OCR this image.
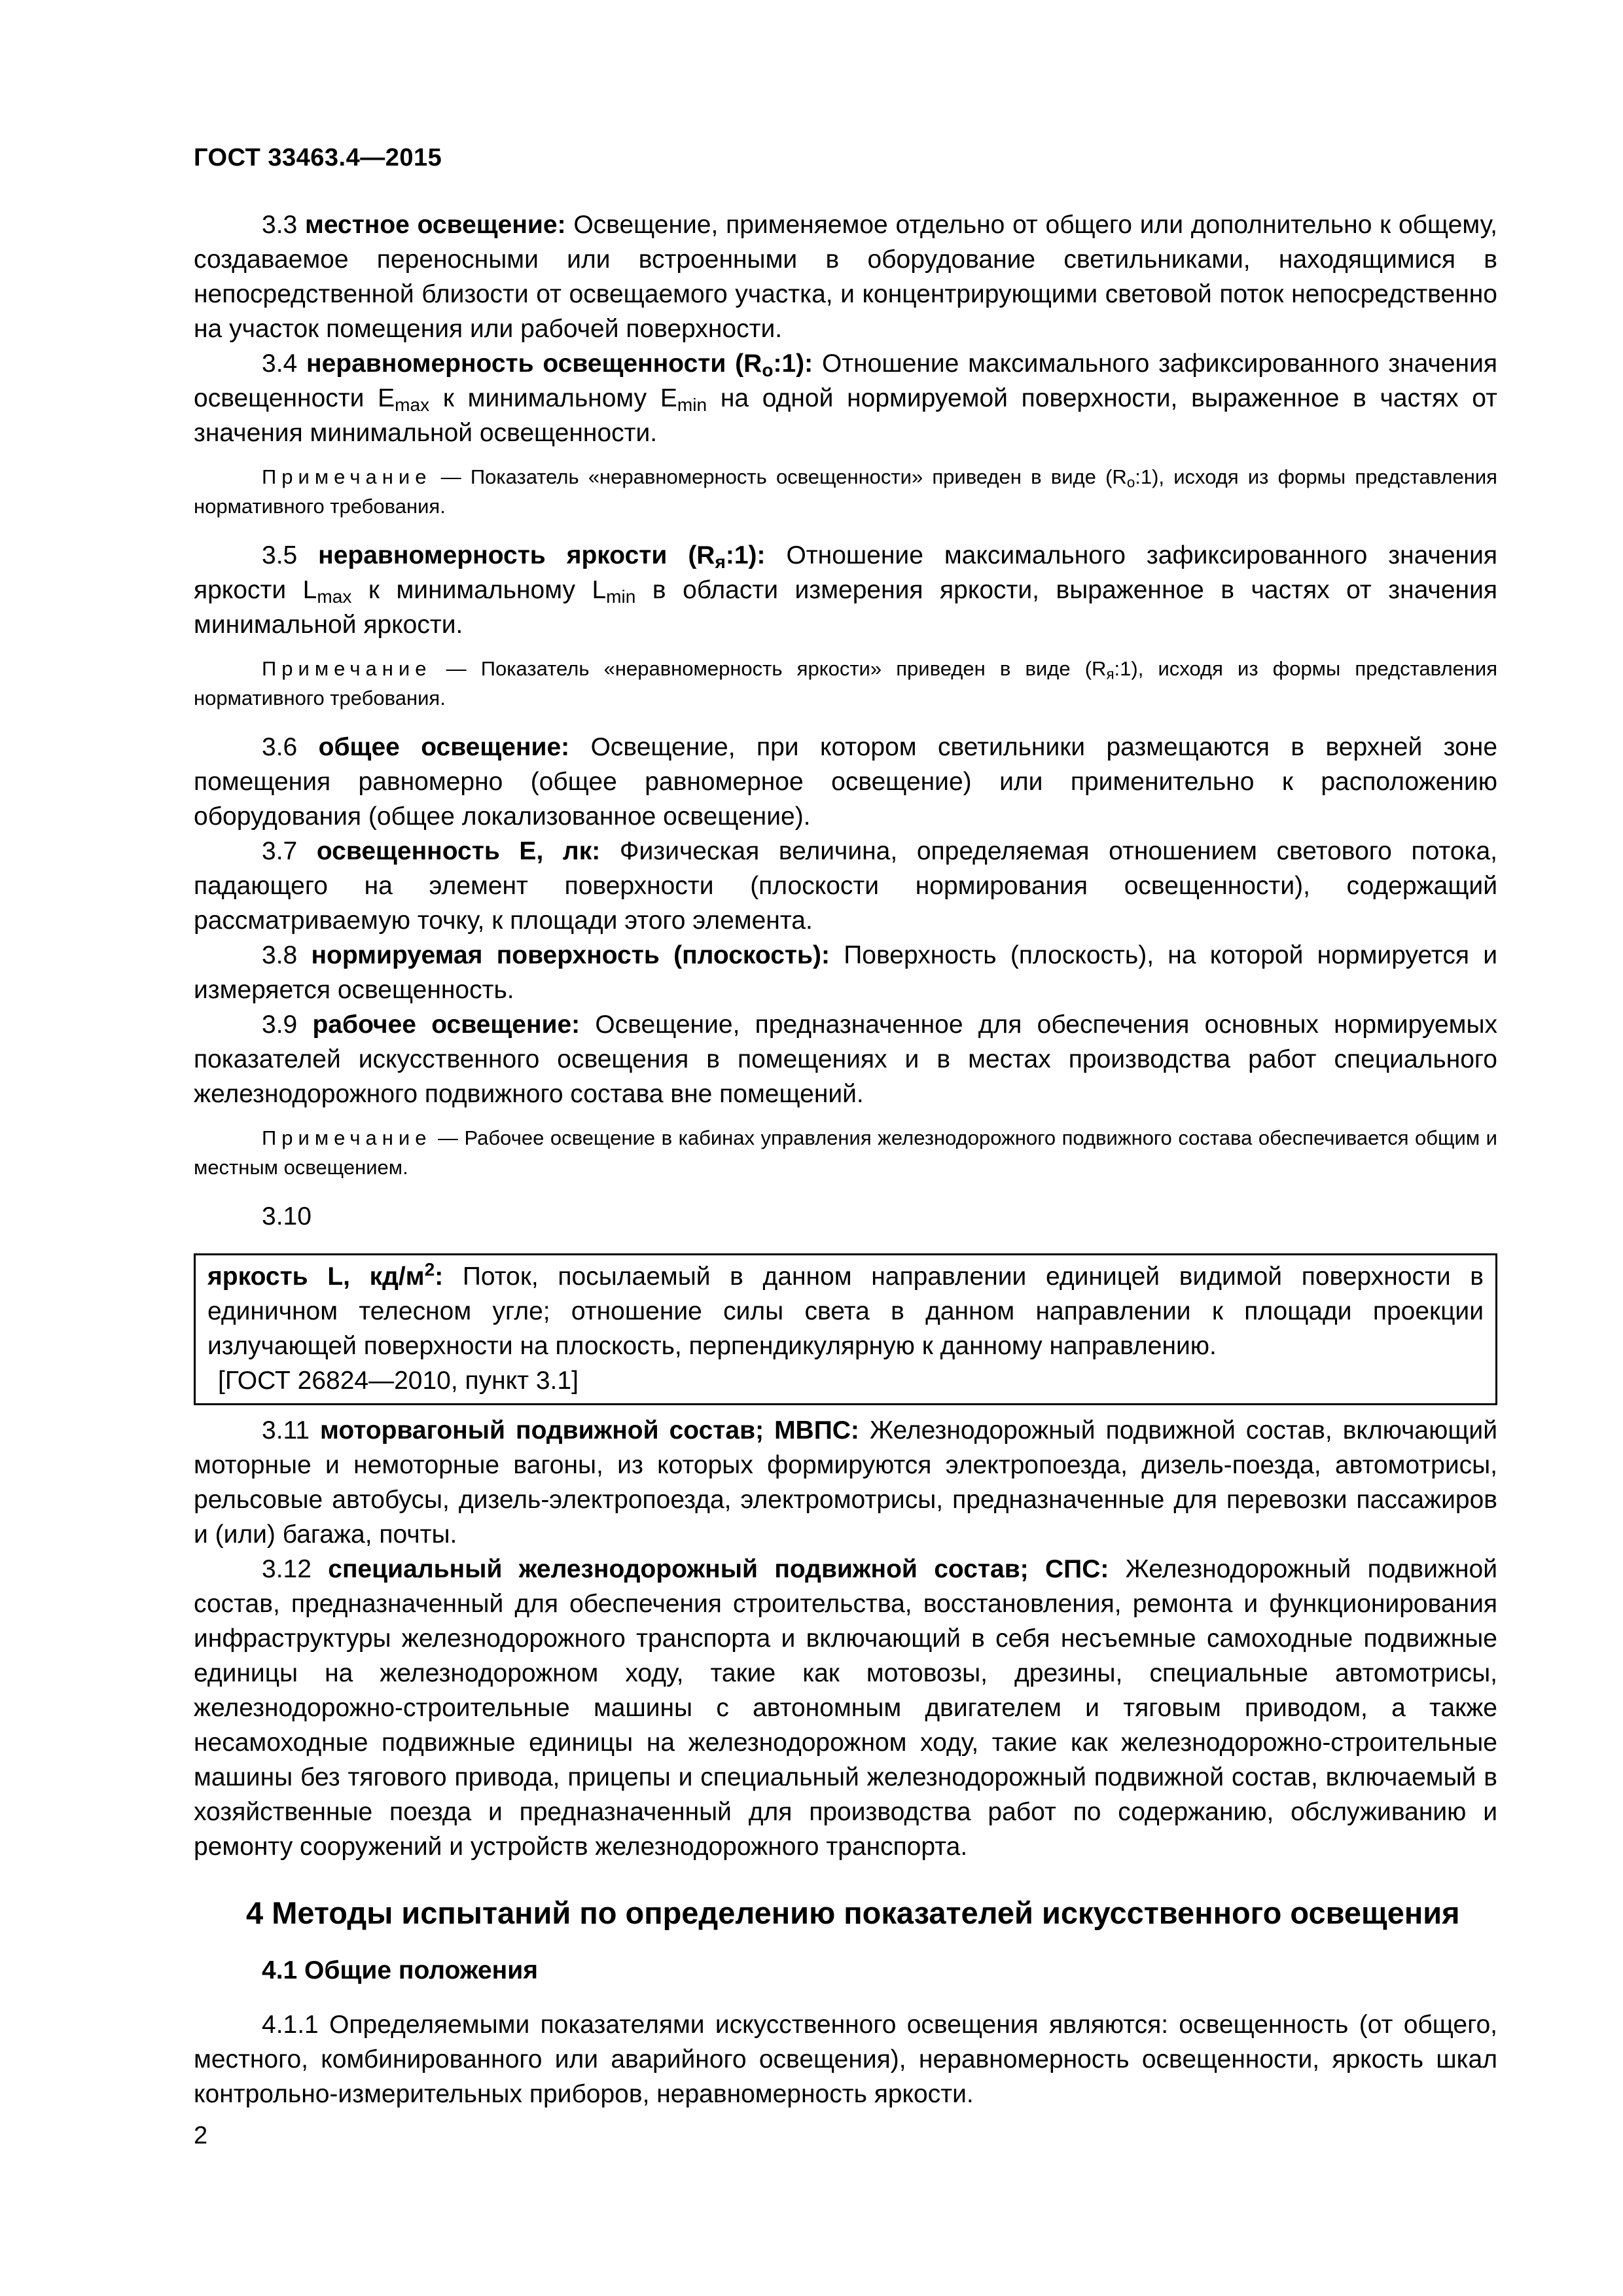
ГОСТ 33463.4—2015

3.3 местное освещение: Освещение, применяемое отдельно от общего или дополнительно к общему, создаваемое переносными или встроенными в оборудование светильниками, находящимися в непосредственной близости от освещаемого участка, и концентрирующими световой поток непосредственно на участок помещения или рабочей поверхности.

3.4 неравномерность освещенности $(R_о:1)$: Отношение максимального зафиксированного значения освещенности $E_{max}$ к минимальному $E_{min}$ на одной нормируемой поверхности, выраженное в частях от значения минимальной освещенности.

Примечание — Показатель «неравномерность освещенности» приведен в виде $(R_о:1)$, исходя из формы представления нормативного требования.

3.5 неравномерность яркости $(R_я:1)$: Отношение максимального зафиксированного значения яркости $L_{max}$ к минимальному $L_{min}$ в области измерения яркости, выраженное в частях от значения минимальной яркости.

Примечание — Показатель «неравномерность яркости» приведен в виде $(R_я:1)$, исходя из формы представления нормативного требования.

3.6 общее освещение: Освещение, при котором светильники размещаются в верхней зоне помещения равномерно (общее равномерное освещение) или применительно к расположению оборудования (общее локализованное освещение).

3.7 освещенность E, лк: Физическая величина, определяемая отношением светового потока, падающего на элемент поверхности (плоскости нормирования освещенности), содержащий рассматриваемую точку, к площади этого элемента.

3.8 нормируемая поверхность (плоскость): Поверхность (плоскость), на которой нормируется и измеряется освещенность.

3.9 рабочее освещение: Освещение, предназначенное для обеспечения основных нормируемых показателей искусственного освещения в помещениях и в местах производства работ специального железнодорожного подвижного состава вне помещений.

Примечание — Рабочее освещение в кабинах управления железнодорожного подвижного состава обеспечивается общим и местным освещением.

3.10

яркость L, $кд/м^2$: Поток, посылаемый в данном направлении единицей видимой поверхности в единичном телесном угле; отношение силы света в данном направлении к площади проекции излучающей поверхности на плоскость, перпендикулярную к данному направлению.

[ГОСТ 26824—2010, пункт 3.1]

3.11 моторвагоный подвижной состав; МВПС: Железнодорожный подвижной состав, включающий моторные и немоторные вагоны, из которых формируются электропоезда, дизель-поезда, автомотрисы, рельсовые автобусы, дизель-электропоезда, электромотрисы, предназначенные для перевозки пассажиров и (или) багажа, почты.

3.12 специальный железнодорожный подвижной состав; СПС: Железнодорожный подвижной состав, предназначенный для обеспечения строительства, восстановления, ремонта и функционирования инфраструктуры железнодорожного транспорта и включающий в себя несъемные самоходные подвижные единицы на железнодорожном ходу, такие как мотовозы, дрезины, специальные автомотрисы, железнодорожно-строительные машины с автономным двигателем и тяговым приводом, а также несамоходные подвижные единицы на железнодорожном ходу, такие как железнодорожно-строительные машины без тягового привода, прицепы и специальный железнодорожный подвижной состав, включаемый в хозяйственные поезда и предназначенный для производства работ по содержанию, обслуживанию и ремонту сооружений и устройств железнодорожного транспорта.

4 Методы испытаний по определению показателей искусственного освещения
4.1 Общие положения

4.1.1 Определяемыми показателями искусственного освещения являются: освещенность (от общего, местного, комбинированного или аварийного освещения), неравномерность освещенности, яркость шкал контрольно-измерительных приборов, неравномерность яркости.

2
